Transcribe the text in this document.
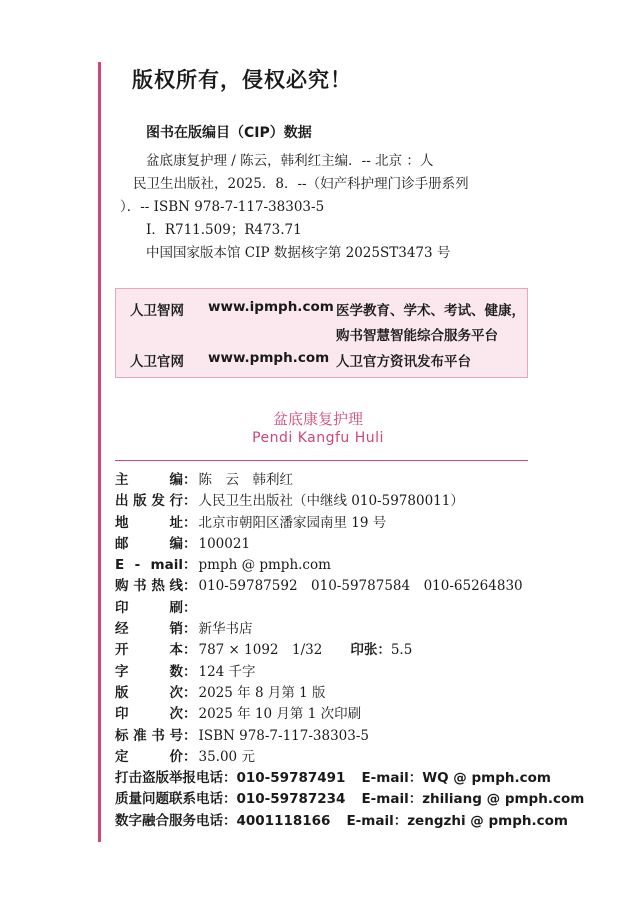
版权所有，侵权必究！
图书在版编目（CIP）数据
盆底康复护理 / 陈云，韩利红主编．-- 北京 ：人
民卫生出版社，2025．8．--（妇产科护理门诊手册系列
）．-- ISBN 978-7-117-38303-5
Ⅰ．R711.509；R473.71
中国国家版本馆 CIP 数据核字第 2025ST3473 号
人卫智网 www.ipmph.com 医学教育、学术、考试、健康，
购书智慧智能综合服务平台
人卫官网 www.pmph.com 人卫官方资讯发布平台
盆底康复护理
Pendi Kangfu Huli
主编： 陈　云　韩利红
出版发行： 人民卫生出版社（中继线 010-59780011）
地址： 北京市朝阳区潘家园南里 19 号
邮编： 100021
E - mail： pmph @ pmph.com
购书热线： 010-59787592　010-59787584　010-65264830
印刷：
经销： 新华书店
开本： 787 × 1092　1/32 印张：5.5
字数： 124 千字
版次： 2025 年 8 月第 1 版
印次： 2025 年 10 月第 1 次印刷
标准书号： ISBN 978-7-117-38303-5
定价： 35.00 元
打击盗版举报电话：010-59787491 E-mail：WQ @ pmph.com
质量问题联系电话：010-59787234 E-mail：zhiliang @ pmph.com
数字融合服务电话：4001118166 E-mail：zengzhi @ pmph.com
